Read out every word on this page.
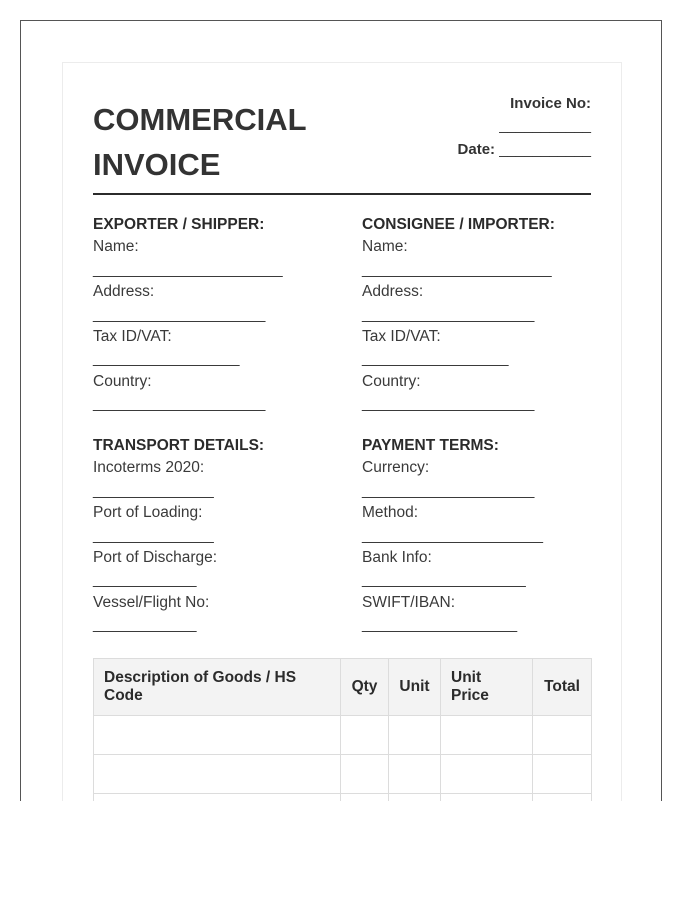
COMMERCIAL
INVOICE
Invoice No:
___________
Date: ___________
EXPORTER / SHIPPER:
Name:
______________________
Address:
____________________
Tax ID/VAT:
_________________
Country:
____________________
CONSIGNEE / IMPORTER:
Name:
______________________
Address:
____________________
Tax ID/VAT:
_________________
Country:
____________________
TRANSPORT DETAILS:
Incoterms 2020:
______________
Port of Loading:
______________
Port of Discharge:
____________
Vessel/Flight No:
____________
PAYMENT TERMS:
Currency:
____________________
Method:
_____________________
Bank Info:
___________________
SWIFT/IBAN:
__________________
Description of Goods / HS Code	Qty	Unit	Unit Price	Total
